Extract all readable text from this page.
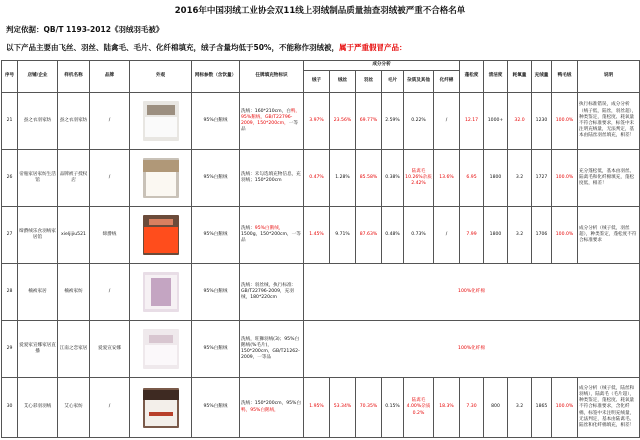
2016年中国羽绒工业协会双11线上羽绒制品质量抽查羽绒被严重不合格名单
判定依据：QB/T 1193-2012《羽绒羽毛被》
以下产品主要由飞丝、羽丝、陆禽毛、毛片、化纤棉填充，绒子含量均低于50%，不能称作羽绒被，属于严重假冒产品：
序号	店铺/企业	样机名称	品牌	外观	网标参数（含饮量）	任牌填充物标识	成分分析						蓬松度	清洁度	耗氧量	充绒量	鸭毛绒	说明
							绒子	绒丝	羽丝	毛片	杂质及其他	化纤棉						
21	蚕之衣羽家纺	蚕之衣羽家纺	/		95%白鹅绒	洗绒：160*210cm，白鸭，95%鹅绒，GB/T22796-2009，150*200cm，一等品	3.97%	23.56%	69.77%	2.59%	0.22%	/	12.17	1000+	32.0	1230	100.0%	执行标准错误，成分分析（绒子低，陆丝，羽丝超），种类鉴定，蓬松度、耗氧量不符合标准要求，标签中未注明充绒量，无法判定，基本由陆丝羽丝填充，相差！
26	帝瓶家居家纺生活馆	品牌被子授权店	/		95%白鹅绒	洗绒：未勾选填充物信息，充羽绒；150*200cm	0.47%	1.28%	85.58%	0.38%	陆禽毛 10.26%杂质2.42%	13.6%	6.95	1800	3.2	1727	100.0%	充分蓬松低，基本由羽丝、陆禽毛和化纤棉填充，蓬松度低，相差！
27	缔爵绒乐食羽绒家居馆	xieljijiu521	缔爵绒		95%白鹅绒	洗绒：95%白鹅绒，1500g，150*200cm，一等品	1.45%	9.71%	87.63%	0.48%	0.73%	/	7.99	1800	3.2	1706	100.0%	成分分析（绒子低，羽丝超），种类鉴定，蓬松度不符合标准要求
28	楠祯家居	楠祯家纺	/		95%白鹅绒	洗绒：羽丝绒，执行标准：GB/T22796-2009，充羽绒，180*220cm	100%化纤棉											
29	爱爱家宣娜家居直播	江南之恋家居	爱爱宣安娜		95%白鹅绒	洗绒，旺狮羽绒(3)；95%白鹅绒(%毛片)，150*200cm，GB/T21262-2009，一等品	100%化纤棉											
30	艾心彩羽羽绒	艾心家纺	/		95%白鹅绒	洗绒：150*200cm，95%白鸭，95%白鹅绒，	1.95%	53.34%	70.35%	0.15%	陆禽毛 4.00%杂质0.2%	18.3%	7.30	800	3.2	1865	100.0%	成分分析（绒子低，陆丝和羽绒），陆禽毛（毛片超），种类鉴定，蓬松度、耗氧量不符合标准要求，含化纤棉，标签中未注明充绒量，无法判定，基本由陆禽毛、陆丝和化纤棉填充，相差！
